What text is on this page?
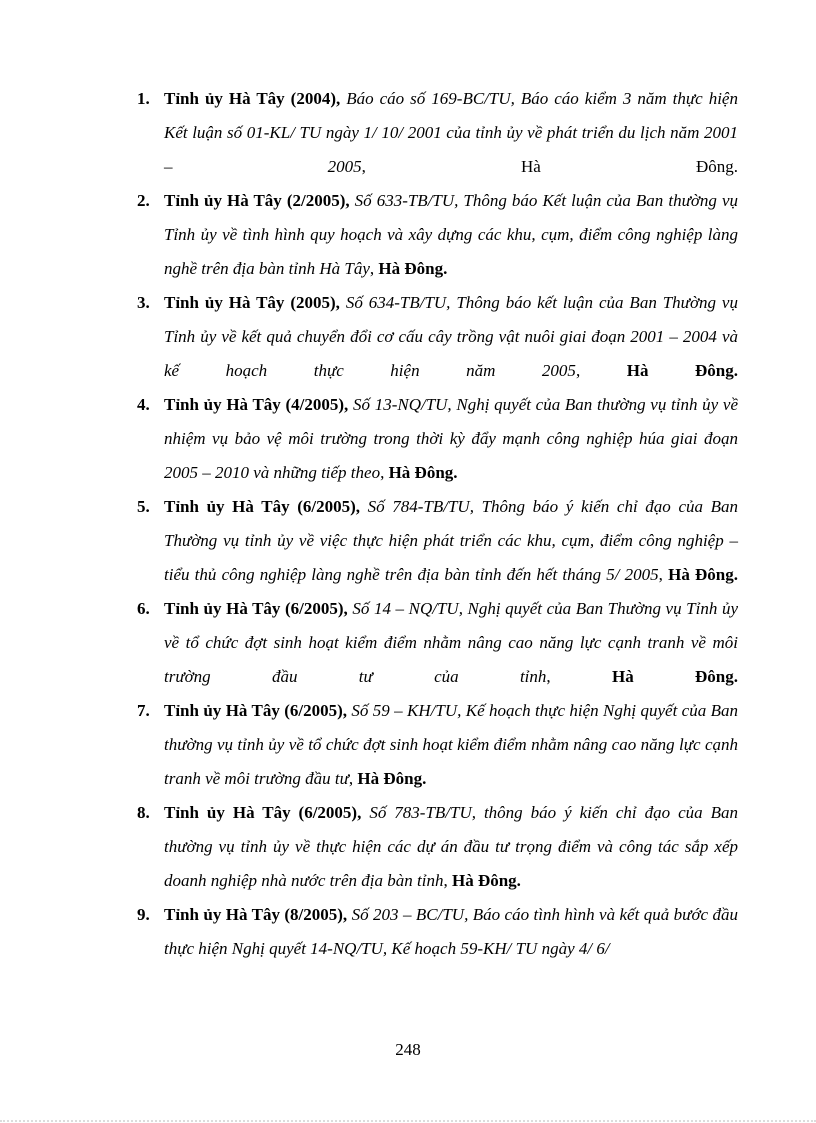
1. Tỉnh ủy Hà Tây (2004), Báo cáo số 169-BC/TU, Báo cáo kiểm 3 năm thực hiện Kết luận số 01-KL/ TU ngày 1/ 10/ 2001 của tỉnh ủy về phát triển du lịch năm 2001 – 2005, Hà Đông.

2. Tỉnh ủy Hà Tây (2/2005), Số 633-TB/TU, Thông báo Kết luận của Ban thường vụ Tỉnh ủy về tình hình quy hoạch và xây dựng các khu, cụm, điểm công nghiệp làng nghề trên địa bàn tỉnh Hà Tây, Hà Đông.

3. Tỉnh ủy Hà Tây (2005), Số 634-TB/TU, Thông báo kết luận của Ban Thường vụ Tỉnh ủy về kết quả chuyển đổi cơ cấu cây trồng vật nuôi giai đoạn 2001 – 2004 và kế hoạch thực hiện năm 2005, Hà Đông.

4. Tỉnh ủy Hà Tây (4/2005), Số 13-NQ/TU, Nghị quyết của Ban thường vụ tỉnh ủy về nhiệm vụ bảo vệ môi trường trong thời kỳ đẩy mạnh công nghiệp húa giai đoạn 2005 – 2010 và những tiếp theo, Hà Đông.

5. Tỉnh ủy Hà Tây (6/2005), Số 784-TB/TU, Thông báo ý kiến chỉ đạo của Ban Thường vụ tỉnh ủy về việc thực hiện phát triển các khu, cụm, điểm công nghiệp – tiểu thủ công nghiệp làng nghề trên địa bàn tỉnh đến hết tháng 5/ 2005, Hà Đông.

6. Tỉnh ủy Hà Tây (6/2005), Số 14 – NQ/TU, Nghị quyết của Ban Thường vụ Tỉnh ủy về tổ chức đợt sinh hoạt kiểm điểm nhằm nâng cao năng lực cạnh tranh về môi trường đầu tư của tỉnh, Hà Đông.

7. Tỉnh ủy Hà Tây (6/2005), Số 59 – KH/TU, Kế hoạch thực hiện Nghị quyết của Ban thường vụ tỉnh ủy về tổ chức đợt sinh hoạt kiểm điểm nhằm nâng cao năng lực cạnh tranh về môi trường đầu tư, Hà Đông.

8. Tỉnh ủy Hà Tây (6/2005), Số 783-TB/TU, thông báo ý kiến chỉ đạo của Ban thường vụ tỉnh ủy về thực hiện các dự án đầu tư trọng điểm và công tác sắp xếp doanh nghiệp nhà nước trên địa bàn tỉnh, Hà Đông.

9. Tỉnh ủy Hà Tây (8/2005), Số 203 – BC/TU, Báo cáo tình hình và kết quả bước đầu thực hiện Nghị quyết 14-NQ/TU, Kế hoạch 59-KH/ TU ngày 4/ 6/

248
